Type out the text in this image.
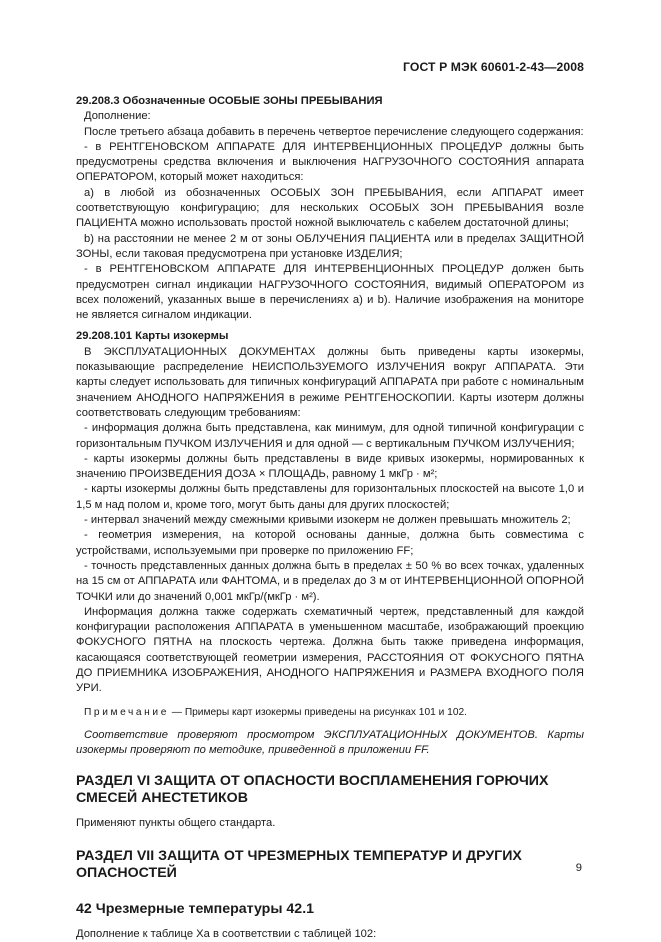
ГОСТ Р МЭК 60601-2-43—2008

29.208.3 Обозначенные ОСОБЫЕ ЗОНЫ ПРЕБЫВАНИЯ

Дополнение:

После третьего абзаца добавить в перечень четвертое перечисление следующего содержания:

- в РЕНТГЕНОВСКОМ АППАРАТЕ ДЛЯ ИНТЕРВЕНЦИОННЫХ ПРОЦЕДУР должны быть предусмотрены средства включения и выключения НАГРУЗОЧНОГО СОСТОЯНИЯ аппарата ОПЕРАТОРОМ, который может находиться:

а) в любой из обозначенных ОСОБЫХ ЗОН ПРЕБЫВАНИЯ, если АППАРАТ имеет соответствующую конфигурацию; для нескольких ОСОБЫХ ЗОН ПРЕБЫВАНИЯ возле ПАЦИЕНТА можно использовать простой ножной выключатель с кабелем достаточной длины;

b) на расстоянии не менее 2 м от зоны ОБЛУЧЕНИЯ ПАЦИЕНТА или в пределах ЗАЩИТНОЙ ЗОНЫ, если таковая предусмотрена при установке ИЗДЕЛИЯ;

- в РЕНТГЕНОВСКОМ АППАРАТЕ ДЛЯ ИНТЕРВЕНЦИОННЫХ ПРОЦЕДУР должен быть предусмотрен сигнал индикации НАГРУЗОЧНОГО СОСТОЯНИЯ, видимый ОПЕРАТОРОМ из всех положений, указанных выше в перечислениях а) и b). Наличие изображения на мониторе не является сигналом индикации.

29.208.101 Карты изокермы

В ЭКСПЛУАТАЦИОННЫХ ДОКУМЕНТАХ должны быть приведены карты изокермы, показывающие распределение НЕИСПОЛЬЗУЕМОГО ИЗЛУЧЕНИЯ вокруг АППАРАТА. Эти карты следует использовать для типичных конфигураций АППАРАТА при работе с номинальным значением АНОДНОГО НАПРЯЖЕНИЯ в режиме РЕНТГЕНОСКОПИИ. Карты изотерм должны соответствовать следующим требованиям:

- информация должна быть представлена, как минимум, для одной типичной конфигурации с горизонтальным ПУЧКОМ ИЗЛУЧЕНИЯ и для одной — с вертикальным ПУЧКОМ ИЗЛУЧЕНИЯ;

- карты изокермы должны быть представлены в виде кривых изокермы, нормированных к значению ПРОИЗВЕДЕНИЯ ДОЗА × ПЛОЩАДЬ, равному 1 мкГр · м²;

- карты изокермы должны быть представлены для горизонтальных плоскостей на высоте 1,0 и 1,5 м над полом и, кроме того, могут быть даны для других плоскостей;

- интервал значений между смежными кривыми изокерм не должен превышать множитель 2;

- геометрия измерения, на которой основаны данные, должна быть совместима с устройствами, используемыми при проверке по приложению FF;

- точность представленных данных должна быть в пределах ± 50 % во всех точках, удаленных на 15 см от АППАРАТА или ФАНТОМА, и в пределах до 3 м от ИНТЕРВЕНЦИОННОЙ ОПОРНОЙ ТОЧКИ или до значений 0,001 мкГр/(мкГр · м²).

Информация должна также содержать схематичный чертеж, представленный для каждой конфигурации расположения АППАРАТА в уменьшенном масштабе, изображающий проекцию ФОКУСНОГО ПЯТНА на плоскость чертежа. Должна быть также приведена информация, касающаяся соответствующей геометрии измерения, РАССТОЯНИЯ ОТ ФОКУСНОГО ПЯТНА ДО ПРИЕМНИКА ИЗОБРАЖЕНИЯ, АНОДНОГО НАПРЯЖЕНИЯ и РАЗМЕРА ВХОДНОГО ПОЛЯ УРИ.

Примечание — Примеры карт изокермы приведены на рисунках 101 и 102.

Соответствие проверяют просмотром ЭКСПЛУАТАЦИОННЫХ ДОКУМЕНТОВ. Карты изокермы проверяют по методике, приведенной в приложении FF.

РАЗДЕЛ VI ЗАЩИТА ОТ ОПАСНОСТИ ВОСПЛАМЕНЕНИЯ ГОРЮЧИХ СМЕСЕЙ АНЕСТЕТИКОВ

Применяют пункты общего стандарта.

РАЗДЕЛ VII ЗАЩИТА ОТ ЧРЕЗМЕРНЫХ ТЕМПЕРАТУР И ДРУГИХ ОПАСНОСТЕЙ

42 Чрезмерные температуры 42.1

Дополнение к таблице Xa в соответствии с таблицей 102:

9
